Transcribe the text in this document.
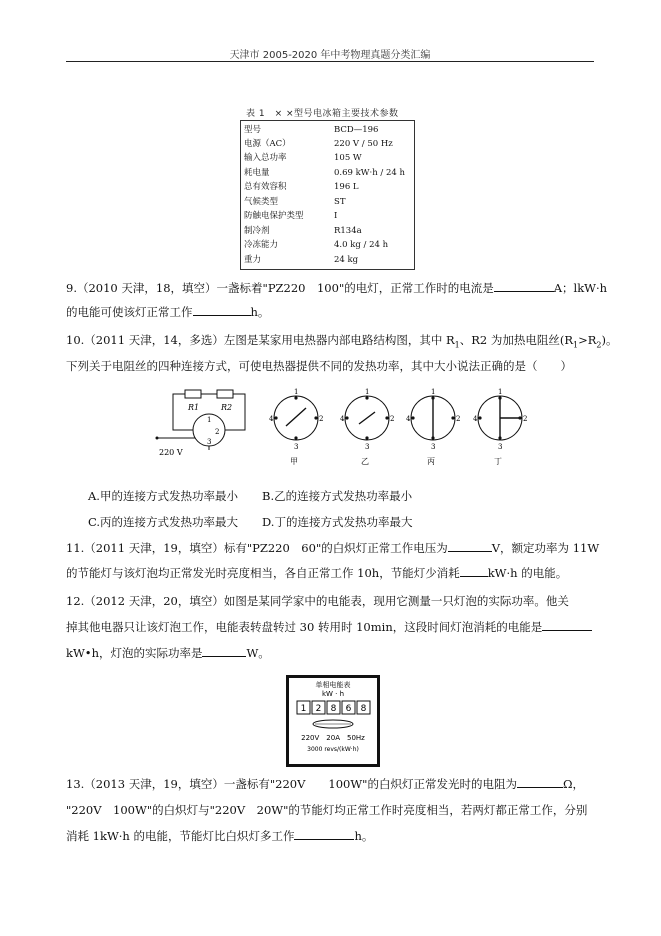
天津市 2005-2020 年中考物理真题分类汇编
表 1　× ×型号电冰箱主要技术参数
型号	BCD—196
电源（AC）	220 V / 50 Hz
输入总功率	105 W
耗电量	0.69 kW·h / 24 h
总有效容积	196 L
气候类型	ST
防触电保护类型	I
制冷剂	R134a
冷冻能力	4.0 kg / 24 h
重力	24 kg
9.（2010 天津，18，填空）一盏标着"PZ220　100"的电灯，正常工作时的电流是	A；lkW·h
的电能可使该灯正常工作	h。
10.（2011 天津，14，多选）左图是某家用电热器内部电路结构图，其中 $R_1$、R2 为加热电阻丝$(R_1>R_2)$。
下列关于电阻丝的四种连接方式，可使电热器提供不同的发热功率，其中大小说法正确的是（　　）
R1	R2
1
2
3
220 V
1
4	2
3
甲
1
4	2
3
乙
1
4	2
3
丙
1
4	2
3
丁
A.甲的连接方式发热功率最小 B.乙的连接方式发热功率最小
C.丙的连接方式发热功率最大 D.丁的连接方式发热功率最大
11.（2011 天津，19，填空）标有"PZ220　60"的白炽灯正常工作电压为	V，额定功率为 11W
的节能灯与该灯泡均正常发光时亮度相当，各自正常工作 10h，节能灯少消耗 kW·h 的电能。
12.（2012 天津，20，填空）如图是某同学家中的电能表，现用它测量一只灯泡的实际功率。他关
掉其他电器只让该灯泡工作，电能表转盘转过 30 转用时 10min，这段时间灯泡消耗的电能是
kW•h，灯泡的实际功率是	W。
单相电能表
kW · h
1 2 8 6 8
220V　20A　50Hz
3000 revs/(kW·h)
13.（2013 天津，19，填空）一盏标有"220V　　100W"的白炽灯正常发光时的电阻为	Ω，
"220V　100W"的白炽灯与"220V　20W"的节能灯均正常工作时亮度相当，若两灯都正常工作，分别
消耗 1kW·h 的电能，节能灯比白炽灯多工作	h。
